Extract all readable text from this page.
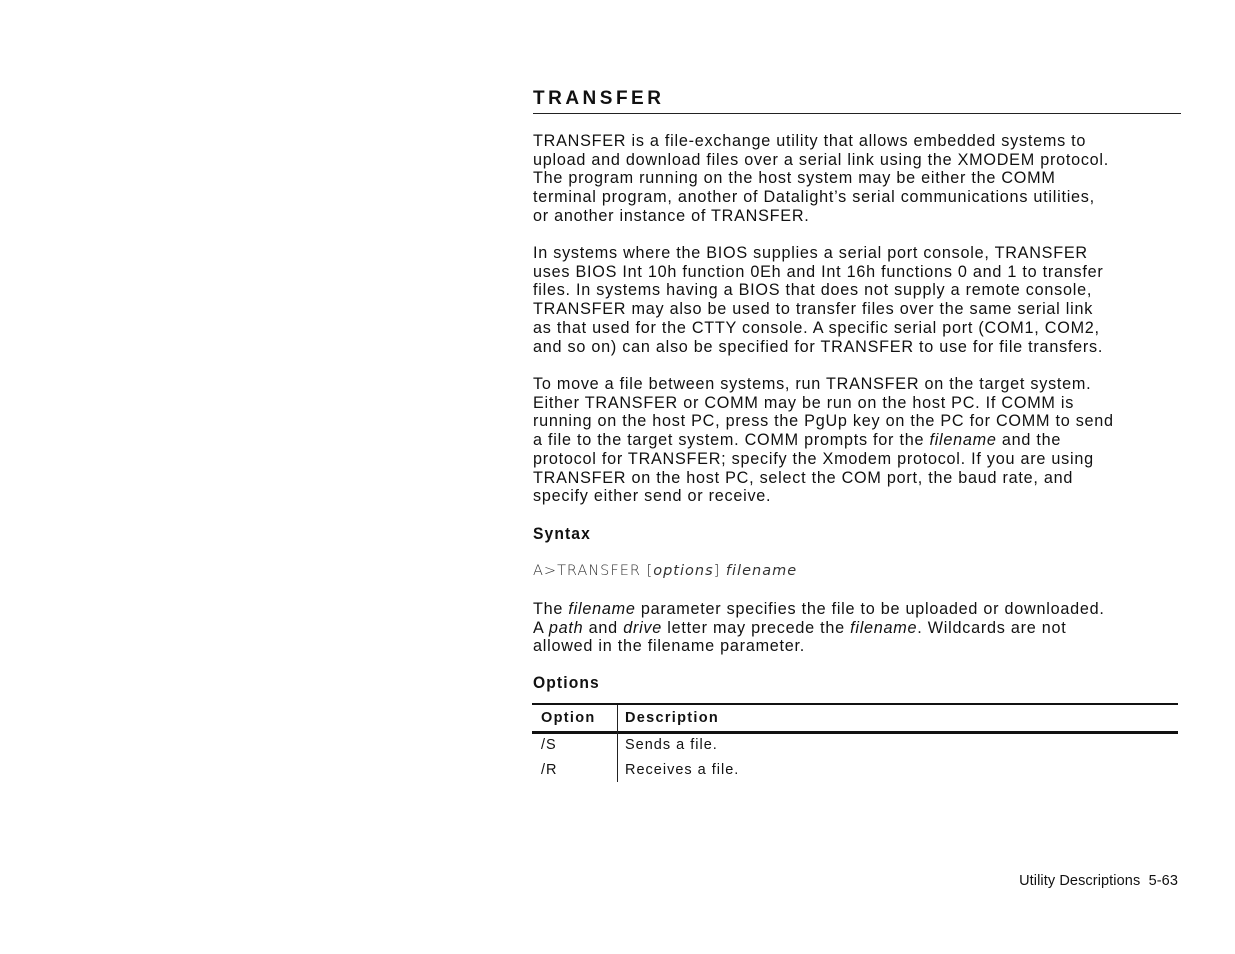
TRANSFER
TRANSFER is a file-exchange utility that allows embedded systems to
upload and download files over a serial link using the XMODEM protocol.
The program running on the host system may be either the COMM
terminal program, another of Datalight’s serial communications utilities,
or another instance of TRANSFER.
In systems where the BIOS supplies a serial port console, TRANSFER
uses BIOS Int 10h function 0Eh and Int 16h functions 0 and 1 to transfer
files. In systems having a BIOS that does not supply a remote console,
TRANSFER may also be used to transfer files over the same serial link
as that used for the CTTY console. A specific serial port (COM1, COM2,
and so on) can also be specified for TRANSFER to use for file transfers.
To move a file between systems, run TRANSFER on the target system.
Either TRANSFER or COMM may be run on the host PC. If COMM is
running on the host PC, press the PgUp key on the PC for COMM to send
a file to the target system. COMM prompts for the filename and the
protocol for TRANSFER; specify the Xmodem protocol. If you are using
TRANSFER on the host PC, select the COM port, the baud rate, and
specify either send or receive.
Syntax
A>TRANSFER [options] filename
The filename parameter specifies the file to be uploaded or downloaded.
A path and drive letter may precede the filename. Wildcards are not
allowed in the filename parameter.
Options
Option Description
/S	Sends a file.
/R	Receives a file.
Utility Descriptions  5-63
